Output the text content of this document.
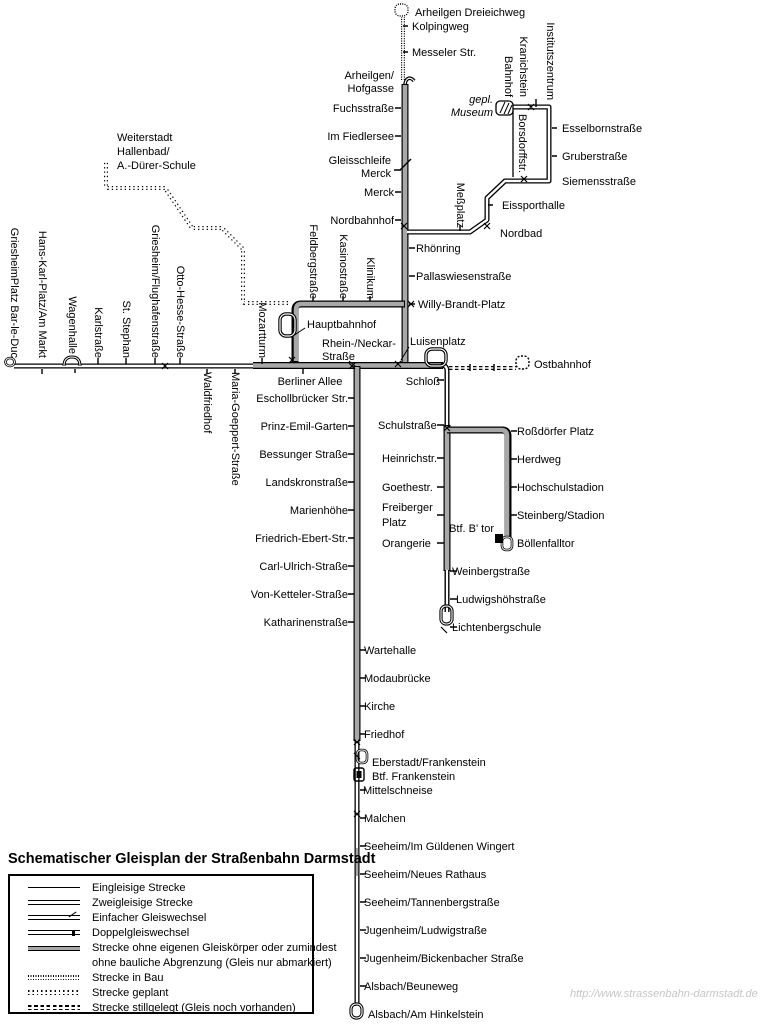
Arheilgen Dreieichweg
Kolpingweg
Messeler Str.
Arheilgen/
Hofgasse
Fuchsstraße
Im Fiedlersee
Gleisschleife
Merck
Merck
Nordbahnhof
Rhönring
Pallaswiesenstraße
Willy-Brandt-Platz
Hauptbahnhof
Rhein-/Neckar-
Straße
Luisenplatz
Berliner Allee	Schloß
Ostbahnhof
Eschollbrücker Str.
Prinz-Emil-Garten
Bessunger Straße
Landskronstraße
Marienhöhe
Friedrich-Ebert-Str.
Carl-Ulrich-Straße
Von-Ketteler-Straße
Katharinenstraße
Schulstraße
Heinrichstr.
Goethestr.
Freiberger
Platz
Orangerie
Btf. B' tor
Weinbergstraße
Ludwigshöhstraße
Lichtenbergschule
Roßdörfer Platz
Herdweg
Hochschulstadion
Steinberg/Stadion
Böllenfalltor
Esselbornstraße
Gruberstraße
Siemensstraße
Eissporthalle
Nordbad
gepl.
Museum
Wartehalle
Modaubrücke
Kirche
Friedhof
Eberstadt/Frankenstein
Btf. Frankenstein
Mittelschneise
Malchen
Seeheim/Im Güldenen Wingert
Seeheim/Neues Rathaus
Seeheim/Tannenbergstraße
Jugenheim/Ludwigstraße
Jugenheim/Bickenbacher Straße
Alsbach/Beuneweg
Alsbach/Am Hinkelstein
Weiterstadt
Hallenbad/
A.-Dürer-Schule
GriesheimPlatz Bar-le-Duc Hans-Karl-Platz/Am Markt Wagenhalle Karlstraße St. Stephan Griesheim/Flughafenstraße Otto-Hesse-Straße	Mozartturm
Waldfriedhof Maria-Goeppert-Straße
Feldbergstraße Kasinostraße Klinikum
Meßplatz
Borsdorffstr.
Institutszentrum
Kranichstein
Bahnhof
Schematischer Gleisplan der Straßenbahn Darmstadt
Eingleisige Strecke
Zweigleisige Strecke
Einfacher Gleiswechsel
Doppelgleiswechsel
Strecke ohne eigenen Gleiskörper oder zumindest
ohne bauliche Abgrenzung (Gleis nur abmarkiert)
Strecke in Bau
Strecke geplant
Strecke stillgelegt (Gleis noch vorhanden)
http://www.strassenbahn-darmstadt.de
